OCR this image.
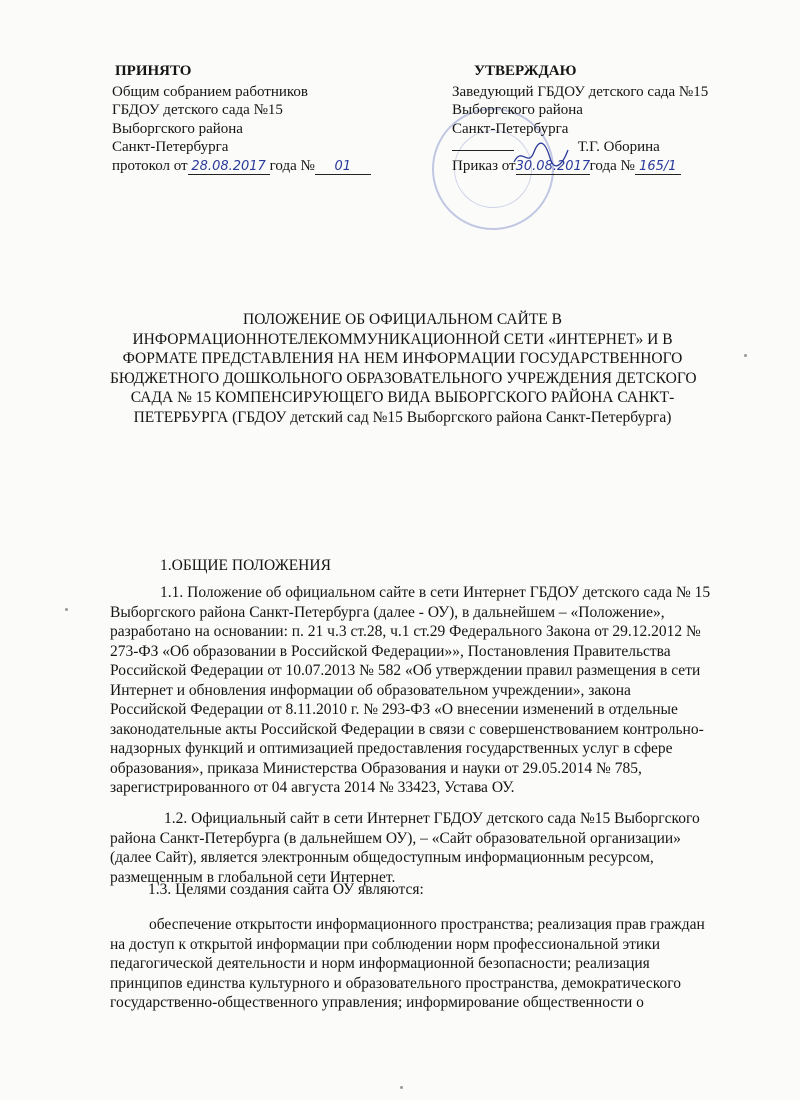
ПРИНЯТО
Общим собранием работников
ГБДОУ детского сада №15
Выборгского района
Санкт-Петербурга
протокол от 28.08.2017 года № 01
УТВЕРЖДАЮ
Заведующий ГБДОУ детского сада №15
Выборгского района
Санкт-Петербурга
Т.Г. Оборина
Приказ от30.08.2017года № 165/1
ПОЛОЖЕНИЕ ОБ ОФИЦИАЛЬНОМ САЙТЕ В
ИНФОРМАЦИОННОТЕЛЕКОММУНИКАЦИОННОЙ СЕТИ «ИНТЕРНЕТ» И В
ФОРМАТЕ ПРЕДСТАВЛЕНИЯ НА НЕМ ИНФОРМАЦИИ ГОСУДАРСТВЕННОГО
БЮДЖЕТНОГО ДОШКОЛЬНОГО ОБРАЗОВАТЕЛЬНОГО УЧРЕЖДЕНИЯ ДЕТСКОГО
САДА № 15 КОМПЕНСИРУЮЩЕГО ВИДА ВЫБОРГСКОГО РАЙОНА САНКТ-
ПЕТЕРБУРГА (ГБДОУ детский сад №15 Выборгского района Санкт-Петербурга)
1.ОБЩИЕ ПОЛОЖЕНИЯ
1.1. Положение об официальном сайте в сети Интернет ГБДОУ детского сада № 15
Выборгского района Санкт-Петербурга (далее - ОУ), в дальнейшем – «Положение»,
разработано на основании: п. 21 ч.3 ст.28, ч.1 ст.29 Федерального Закона от 29.12.2012 №
273-ФЗ «Об образовании в Российской Федерации»», Постановления Правительства
Российской Федерации от 10.07.2013 № 582 «Об утверждении правил размещения в сети
Интернет и обновления информации об образовательном учреждении», закона
Российской Федерации от 8.11.2010 г. № 293-ФЗ «О внесении изменений в отдельные
законодательные акты Российской Федерации в связи с совершенствованием контрольно-
надзорных функций и оптимизацией предоставления государственных услуг в сфере
образования», приказа Министерства Образования и науки от 29.05.2014 № 785,
зарегистрированного от 04 августа 2014 № 33423, Устава ОУ.
1.2. Официальный сайт в сети Интернет ГБДОУ детского сада №15 Выборгского
района Санкт-Петербурга (в дальнейшем ОУ), – «Сайт образовательной организации»
(далее Сайт), является электронным общедоступным информационным ресурсом,
размещенным в глобальной сети Интернет.
1.3. Целями создания сайта ОУ являются:
обеспечение открытости информационного пространства; реализация прав граждан
на доступ к открытой информации при соблюдении норм профессиональной этики
педагогической деятельности и норм информационной безопасности; реализация
принципов единства культурного и образовательного пространства, демократического
государственно-общественного управления; информирование общественности о
